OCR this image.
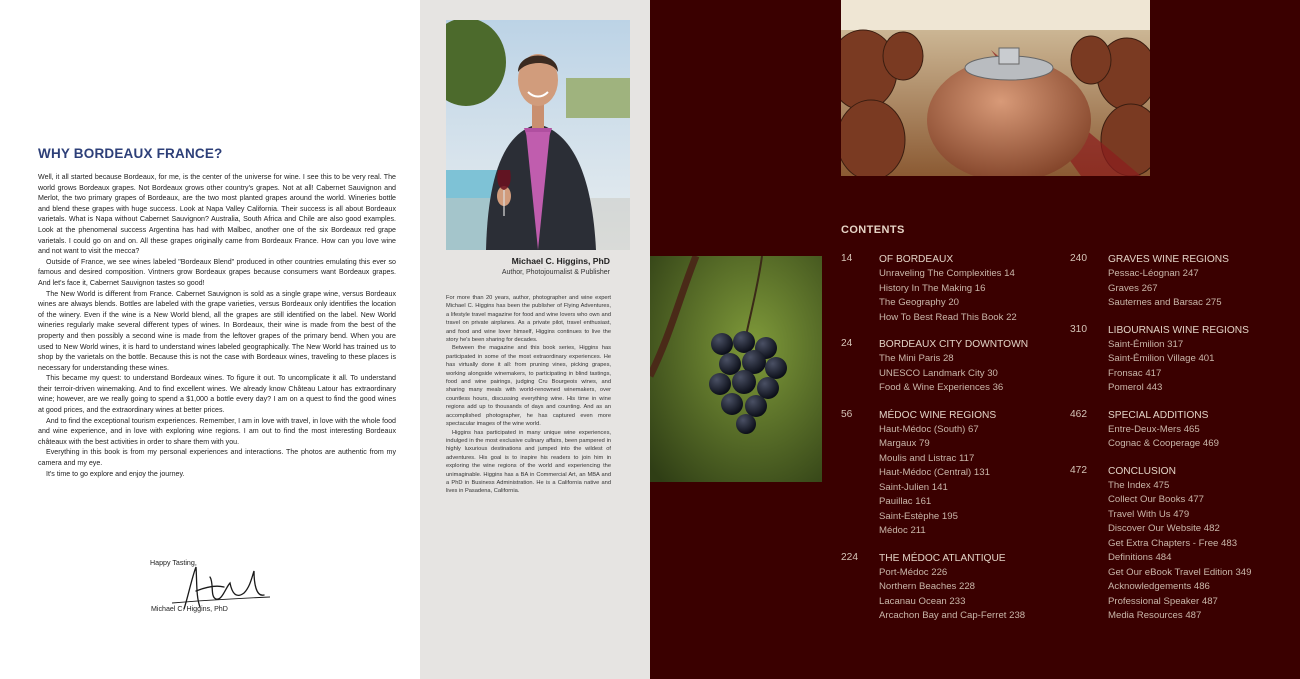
WHY BORDEAUX FRANCE?

Well, it all started because Bordeaux, for me, is the center of the universe for wine. I see this to be very real. The world grows Bordeaux grapes. Not Bordeaux grows other country's grapes. Not at all! Cabernet Sauvignon and Merlot, the two primary grapes of Bordeaux, are the two most planted grapes around the world. Wineries bottle and blend these grapes with huge success. Look at Napa Valley California. Their success is all about Bordeaux varietals. What is Napa without Cabernet Sauvignon? Australia, South Africa and Chile are also good examples. Look at the phenomenal success Argentina has had with Malbec, another one of the six Bordeaux red grape varietals. I could go on and on. All these grapes originally came from Bordeaux France. How can you love wine and not want to visit the mecca?

Outside of France, we see wines labeled "Bordeaux Blend" produced in other countries emulating this ever so famous and desired composition. Vintners grow Bordeaux grapes because consumers want Bordeaux grapes. And let's face it, Cabernet Sauvignon tastes so good!

The New World is different from France. Cabernet Sauvignon is sold as a single grape wine, versus Bordeaux wines are always blends. Bottles are labeled with the grape varieties, versus Bordeaux only identifies the location of the winery. Even if the wine is a New World blend, all the grapes are still identified on the label. New World wineries regularly make several different types of wines. In Bordeaux, their wine is made from the best of the property and then possibly a second wine is made from the leftover grapes of the primary bend. When you are used to New World wines, it is hard to understand wines labeled geographically. The New World has trained us to shop by the varietals on the bottle. Because this is not the case with Bordeaux wines, traveling to these places is necessary for understanding these wines.

This became my quest: to understand Bordeaux wines. To figure it out. To uncomplicate it all. To understand their terroir-driven winemaking. And to find excellent wines. We already know Château Latour has extraordinary wine; however, are we really going to spend a $1,000 a bottle every day? I am on a quest to find the good wines at good prices, and the extraordinary wines at better prices.

And to find the exceptional tourism experiences. Remember, I am in love with travel, in love with the whole food and wine experience, and in love with exploring wine regions. I am out to find the most interesting Bordeaux châteaux with the best activities in order to share them with you.

Everything in this book is from my personal experiences and interactions. The photos are authentic from my camera and my eye.

It's time to go explore and enjoy the journey.

Happy Tasting,
Michael C. Higgins, PhD
Michael C. Higgins, PhD
Author, Photojournalist & Publisher

For more than 20 years, author, photographer and wine expert Michael C. Higgins has been the publisher of Flying Adventures, a lifestyle travel magazine for food and wine lovers who own and travel on private airplanes. As a private pilot, travel enthusiast, and food and wine lover himself, Higgins continues to live the story he's been sharing for decades.

Between the magazine and this book series, Higgins has participated in some of the most extraordinary experiences. He has virtually done it all: from pruning vines, picking grapes, working alongside winemakers, to participating in blind tastings, food and wine pairings, judging Cru Bourgeois wines, and sharing many meals with world-renowned winemakers, over countless hours, discussing everything wine. His time in wine regions add up to thousands of days and counting. And as an accomplished photographer, he has captured even more spectacular images of the wine world.

Higgins has participated in many unique wine experiences, indulged in the most exclusive culinary affairs, been pampered in highly luxurious destinations and jumped into the wildest of adventures. His goal is to inspire his readers to join him in exploring the wine regions of the world and experiencing the unimaginable. Higgins has a BA in Commercial Art, an MBA and a PhD in Business Administration. He is a California native and lives in Pasadena, California.

CONTENTS
14	OF BORDEAUX
Unraveling The Complexities 14
History In The Making 16
The Geography 20
How To Best Read This Book 22
24	BORDEAUX CITY DOWNTOWN
The Mini Paris 28
UNESCO Landmark City 30
Food & Wine Experiences 36
56	MÉDOC WINE REGIONS
Haut-Médoc (South) 67
Margaux 79
Moulis and Listrac 117
Haut-Médoc (Central) 131
Saint-Julien 141
Pauillac 161
Saint-Estèphe 195
Médoc 211
224 THE MÉDOC ATLANTIQUE
Port-Médoc 226
Northern Beaches 228
Lacanau Ocean 233
Arcachon Bay and Cap-Ferret 238
240 GRAVES WINE REGIONS
Pessac-Léognan 247
Graves 267
Sauternes and Barsac 275
310 LIBOURNAIS WINE REGIONS
Saint-Émilion 317
Saint-Émilion Village 401
Fronsac 417
Pomerol 443
462 SPECIAL ADDITIONS
Entre-Deux-Mers 465
Cognac & Cooperage 469
472 CONCLUSION
The Index 475
Collect Our Books 477
Travel With Us 479
Discover Our Website 482
Get Extra Chapters - Free 483
Definitions 484
Get Our eBook Travel Edition 349
Acknowledgements 486
Professional Speaker 487
Media Resources 487
